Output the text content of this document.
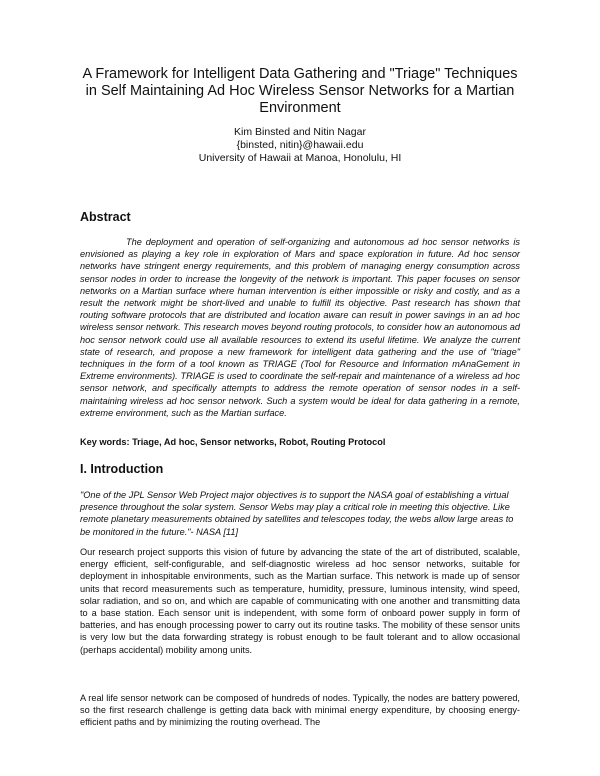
A Framework for Intelligent Data Gathering and "Triage" Techniques in Self Maintaining Ad Hoc Wireless Sensor Networks for a Martian Environment
Kim Binsted and Nitin Nagar
{binsted, nitin}@hawaii.edu
University of Hawaii at Manoa, Honolulu, HI
Abstract

The deployment and operation of self-organizing and autonomous ad hoc sensor networks is envisioned as playing a key role in exploration of Mars and space exploration in future. Ad hoc sensor networks have stringent energy requirements, and this problem of managing energy consumption across sensor nodes in order to increase the longevity of the network is important. This paper focuses on sensor networks on a Martian surface where human intervention is either impossible or risky and costly, and as a result the network might be short-lived and unable to fulfill its objective. Past research has shown that routing software protocols that are distributed and location aware can result in power savings in an ad hoc wireless sensor network. This research moves beyond routing protocols, to consider how an autonomous ad hoc sensor network could use all available resources to extend its useful lifetime. We analyze the current state of research, and propose a new framework for intelligent data gathering and the use of "triage" techniques in the form of a tool known as TRIAGE (Tool for Resource and Information mAnaGement in Extreme environments). TRIAGE is used to coordinate the self-repair and maintenance of a wireless ad hoc sensor network, and specifically attempts to address the remote operation of sensor nodes in a self-maintaining wireless ad hoc sensor network. Such a system would be ideal for data gathering in a remote, extreme environment, such as the Martian surface.

Key words: Triage, Ad hoc, Sensor networks, Robot, Routing Protocol

I. Introduction

"One of the JPL Sensor Web Project major objectives is to support the NASA goal of establishing a virtual presence throughout the solar system. Sensor Webs may play a critical role in meeting this objective. Like remote planetary measurements obtained by satellites and telescopes today, the webs allow large areas to be monitored in the future."- NASA [11]

Our research project supports this vision of future by advancing the state of the art of distributed, scalable, energy efficient, self-configurable, and self-diagnostic wireless ad hoc sensor networks, suitable for deployment in inhospitable environments, such as the Martian surface. This network is made up of sensor units that record measurements such as temperature, humidity, pressure, luminous intensity, wind speed, solar radiation, and so on, and which are capable of communicating with one another and transmitting data to a base station. Each sensor unit is independent, with some form of onboard power supply in form of batteries, and has enough processing power to carry out its routine tasks. The mobility of these sensor units is very low but the data forwarding strategy is robust enough to be fault tolerant and to allow occasional (perhaps accidental) mobility among units.

A real life sensor network can be composed of hundreds of nodes. Typically, the nodes are battery powered, so the first research challenge is getting data back with minimal energy expenditure, by choosing energy-efficient paths and by minimizing the routing overhead. The
